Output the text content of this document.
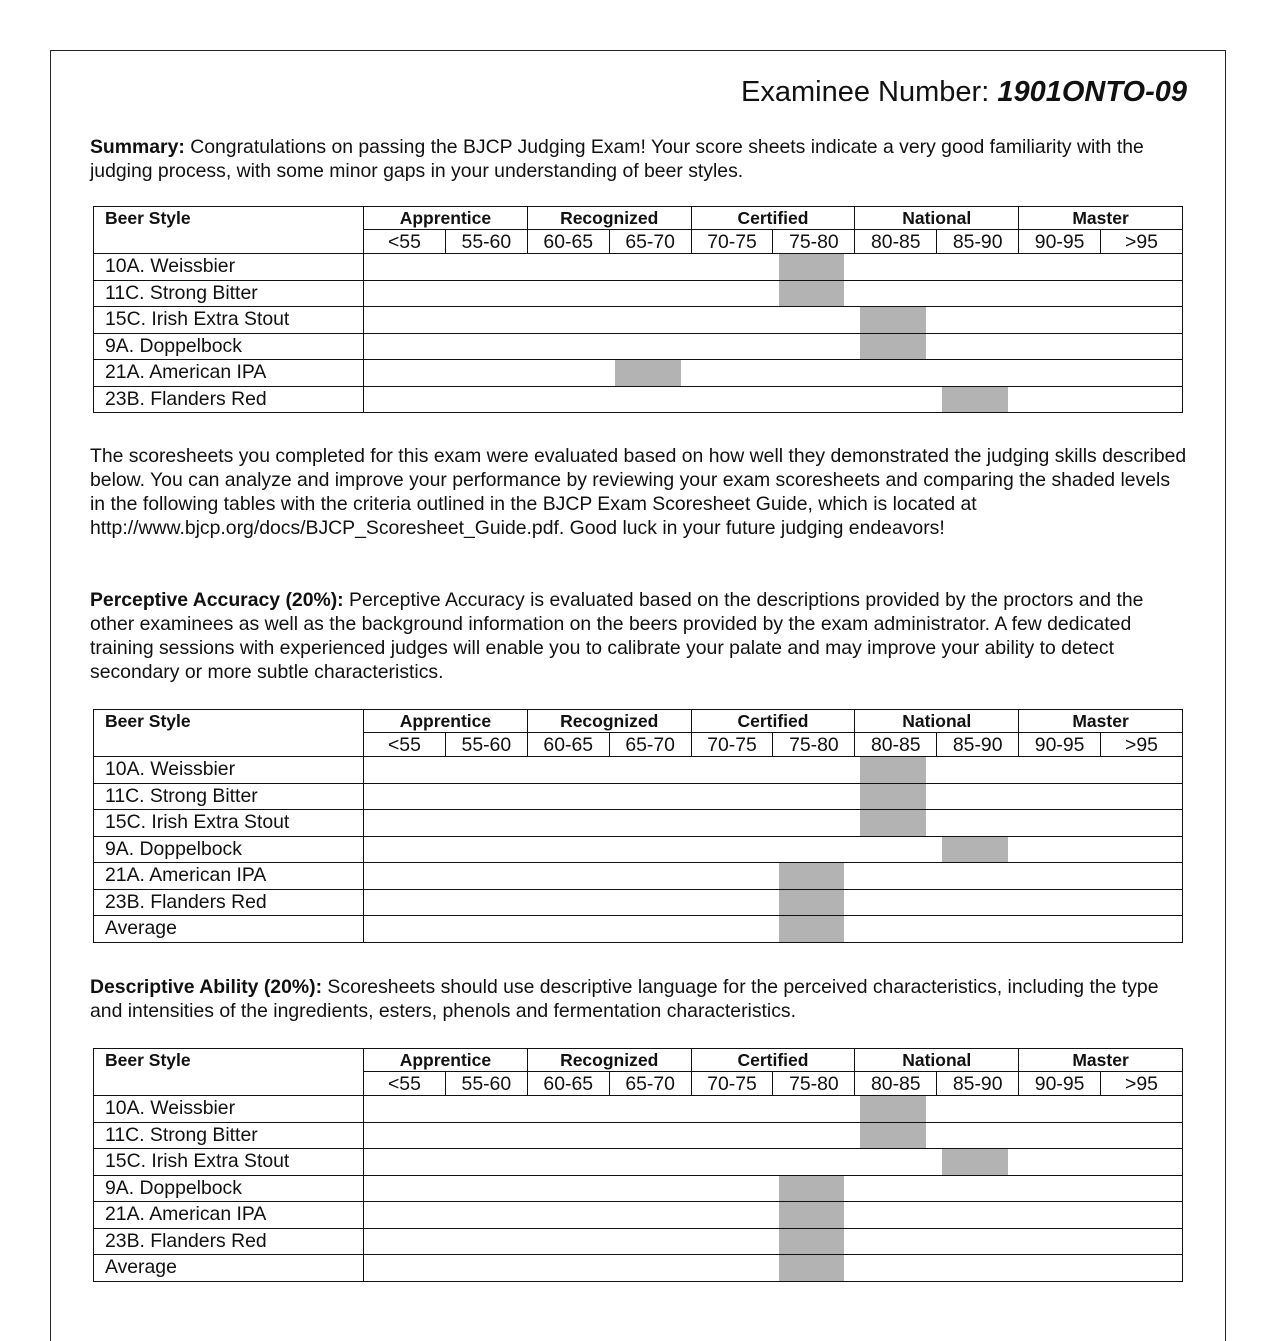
Examinee Number: 1901ONTO-09

Summary: Congratulations on passing the BJCP Judging Exam! Your score sheets indicate a very good familiarity with the judging process, with some minor gaps in your understanding of beer styles.

Beer Style	Apprentice		Recognized		Certified		National		Master	
	<55	55-60	60-65	65-70	70-75	75-80	80-85	85-90	90-95	>95
10A. Weissbier										

11C. Strong Bitter										

15C. Irish Extra Stout										

9A. Doppelbock										

21A. American IPA										

23B. Flanders Red										

The scoresheets you completed for this exam were evaluated based on how well they demonstrated the judging skills described below. You can analyze and improve your performance by reviewing your exam scoresheets and comparing the shaded levels in the following tables with the criteria outlined in the BJCP Exam Scoresheet Guide, which is located at http://www.bjcp.org/docs/BJCP_Scoresheet_Guide.pdf. Good luck in your future judging endeavors!

Perceptive Accuracy (20%): Perceptive Accuracy is evaluated based on the descriptions provided by the proctors and the other examinees as well as the background information on the beers provided by the exam administrator. A few dedicated training sessions with experienced judges will enable you to calibrate your palate and may improve your ability to detect secondary or more subtle characteristics.

Beer Style	Apprentice		Recognized		Certified		National		Master	
	<55	55-60	60-65	65-70	70-75	75-80	80-85	85-90	90-95	>95
10A. Weissbier										

11C. Strong Bitter										

15C. Irish Extra Stout										

9A. Doppelbock										

21A. American IPA										

23B. Flanders Red										

Average										

Descriptive Ability (20%): Scoresheets should use descriptive language for the perceived characteristics, including the type and intensities of the ingredients, esters, phenols and fermentation characteristics.

Beer Style	Apprentice		Recognized		Certified		National		Master	
	<55	55-60	60-65	65-70	70-75	75-80	80-85	85-90	90-95	>95
10A. Weissbier										

11C. Strong Bitter										

15C. Irish Extra Stout										

9A. Doppelbock										

21A. American IPA										

23B. Flanders Red										

Average										
